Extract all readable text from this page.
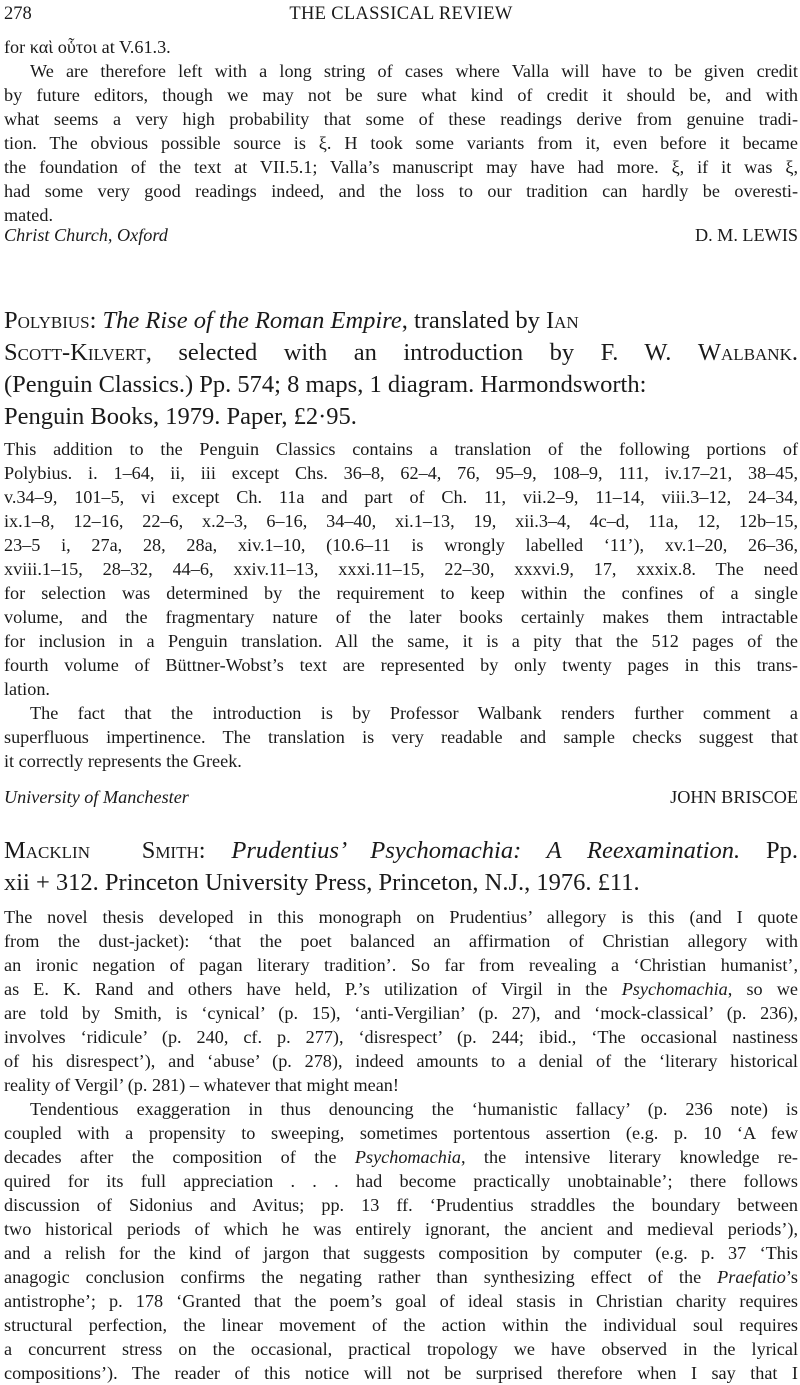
278	THE CLASSICAL REVIEW
for καὶ οὗτοι at V.61.3.
We are therefore left with a long string of cases where Valla will have to be given credit
by future editors, though we may not be sure what kind of credit it should be, and with
what seems a very high probability that some of these readings derive from genuine tradi-
tion. The obvious possible source is ξ. H took some variants from it, even before it became
the foundation of the text at VII.5.1; Valla’s manuscript may have had more. ξ, if it was ξ,
had some very good readings indeed, and the loss to our tradition can hardly be overesti-
mated.
Christ Church, Oxford	D. M. LEWIS
Polybius: The Rise of the Roman Empire, translated by Ian
Scott-Kilvert, selected with an introduction by F. W. Walbank.
(Penguin Classics.) Pp. 574; 8 maps, 1 diagram. Harmondsworth:
Penguin Books, 1979. Paper, £2·95.
This addition to the Penguin Classics contains a translation of the following portions of
Polybius. i. 1–64, ii, iii except Chs. 36–8, 62–4, 76, 95–9, 108–9, 111, iv.17–21, 38–45,
v.34–9, 101–5, vi except Ch. 11a and part of Ch. 11, vii.2–9, 11–14, viii.3–12, 24–34,
ix.1–8, 12–16, 22–6, x.2–3, 6–16, 34–40, xi.1–13, 19, xii.3–4, 4c–d, 11a, 12, 12b–15,
23–5 i, 27a, 28, 28a, xiv.1–10, (10.6–11 is wrongly labelled ‘11’), xv.1–20, 26–36,
xviii.1–15, 28–32, 44–6, xxiv.11–13, xxxi.11–15, 22–30, xxxvi.9, 17, xxxix.8. The need
for selection was determined by the requirement to keep within the confines of a single
volume, and the fragmentary nature of the later books certainly makes them intractable
for inclusion in a Penguin translation. All the same, it is a pity that the 512 pages of the
fourth volume of Büttner-Wobst’s text are represented by only twenty pages in this trans-
lation.
The fact that the introduction is by Professor Walbank renders further comment a
superfluous impertinence. The translation is very readable and sample checks suggest that
it correctly represents the Greek.
University of Manchester	JOHN BRISCOE
Macklin  Smith: Prudentius’ Psychomachia: A Reexamination. Pp.
xii + 312. Princeton University Press, Princeton, N.J., 1976. £11.
The novel thesis developed in this monograph on Prudentius’ allegory is this (and I quote
from the dust-jacket): ‘that the poet balanced an affirmation of Christian allegory with
an ironic negation of pagan literary tradition’. So far from revealing a ‘Christian humanist’,
as E. K. Rand and others have held, P.’s utilization of Virgil in the Psychomachia, so we
are told by Smith, is ‘cynical’ (p. 15), ‘anti-Vergilian’ (p. 27), and ‘mock-classical’ (p. 236),
involves ‘ridicule’ (p. 240, cf. p. 277), ‘disrespect’ (p. 244; ibid., ‘The occasional nastiness
of his disrespect’), and ‘abuse’ (p. 278), indeed amounts to a denial of the ‘literary historical
reality of Vergil’ (p. 281) – whatever that might mean!
Tendentious exaggeration in thus denouncing the ‘humanistic fallacy’ (p. 236 note) is
coupled with a propensity to sweeping, sometimes portentous assertion (e.g. p. 10 ‘A few
decades after the composition of the Psychomachia, the intensive literary knowledge re-
quired for its full appreciation . . . had become practically unobtainable’; there follows
discussion of Sidonius and Avitus; pp. 13 ff. ‘Prudentius straddles the boundary between
two historical periods of which he was entirely ignorant, the ancient and medieval periods’),
and a relish for the kind of jargon that suggests composition by computer (e.g. p. 37 ‘This
anagogic conclusion confirms the negating rather than synthesizing effect of the Praefatio’s
antistrophe’; p. 178 ‘Granted that the poem’s goal of ideal stasis in Christian charity requires
structural perfection, the linear movement of the action within the individual soul requires
a concurrent stress on the occasional, practical tropology we have observed in the lyrical
compositions’). The reader of this notice will not be surprised therefore when I say that I
